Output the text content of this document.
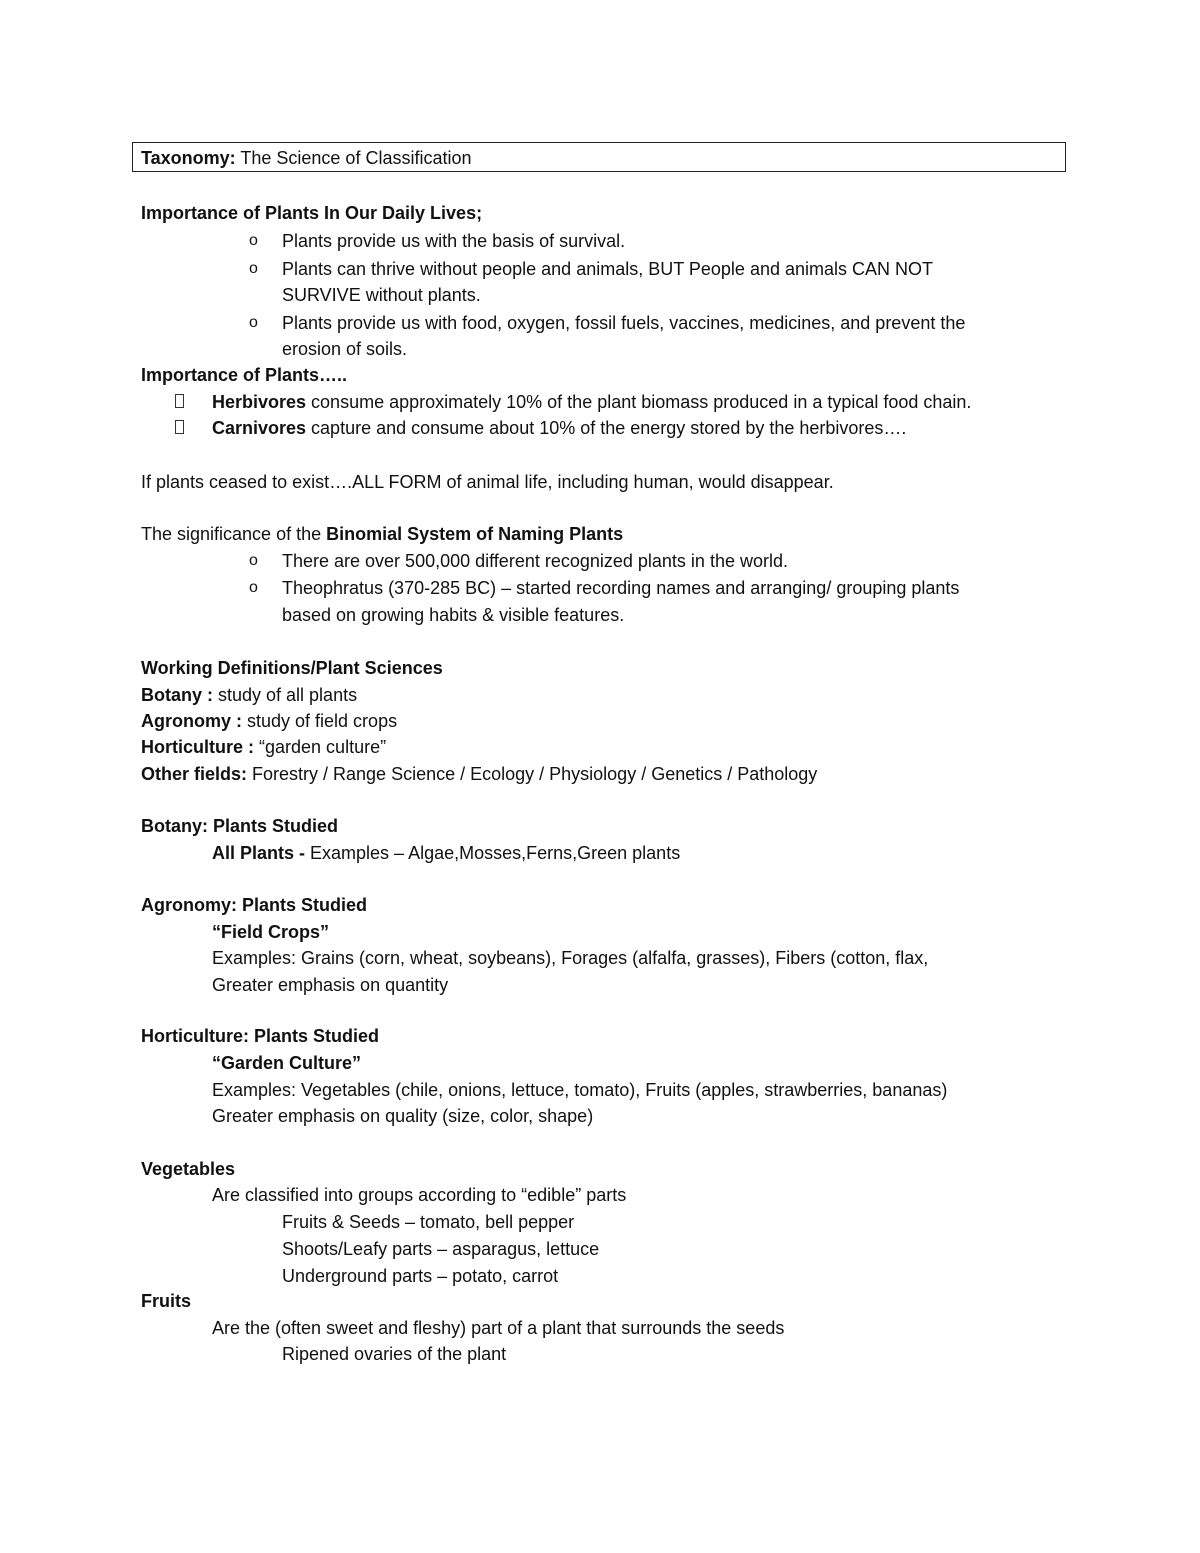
Taxonomy: The Science of Classification
Importance of Plants In Our Daily Lives;
o Plants provide us with the basis of survival.
o Plants can thrive without people and animals, BUT People and animals CAN NOT
SURVIVE without plants.
o Plants provide us with food, oxygen, fossil fuels, vaccines, medicines, and prevent the
erosion of soils.
Importance of Plants…..
Herbivores consume approximately 10% of the plant biomass produced in a typical food chain.
Carnivores capture and consume about 10% of the energy stored by the herbivores….
If plants ceased to exist….ALL FORM of animal life, including human, would disappear.
The significance of the Binomial System of Naming Plants
o There are over 500,000 different recognized plants in the world.
o Theophratus (370-285 BC) – started recording names and arranging/ grouping plants
based on growing habits & visible features.
Working Definitions/Plant Sciences
Botany : study of all plants
Agronomy : study of field crops
Horticulture : “garden culture”
Other fields: Forestry / Range Science / Ecology / Physiology / Genetics / Pathology
Botany: Plants Studied
All Plants - Examples – Algae,Mosses,Ferns,Green plants
Agronomy: Plants Studied
“Field Crops”
Examples: Grains (corn, wheat, soybeans), Forages (alfalfa, grasses), Fibers (cotton, flax,
Greater emphasis on quantity
Horticulture: Plants Studied
“Garden Culture”
Examples: Vegetables (chile, onions, lettuce, tomato), Fruits (apples, strawberries, bananas)
Greater emphasis on quality (size, color, shape)
Vegetables
Are classified into groups according to “edible” parts
Fruits & Seeds – tomato, bell pepper
Shoots/Leafy parts – asparagus, lettuce
Underground parts – potato, carrot
Fruits
Are the (often sweet and fleshy) part of a plant that surrounds the seeds
Ripened ovaries of the plant
